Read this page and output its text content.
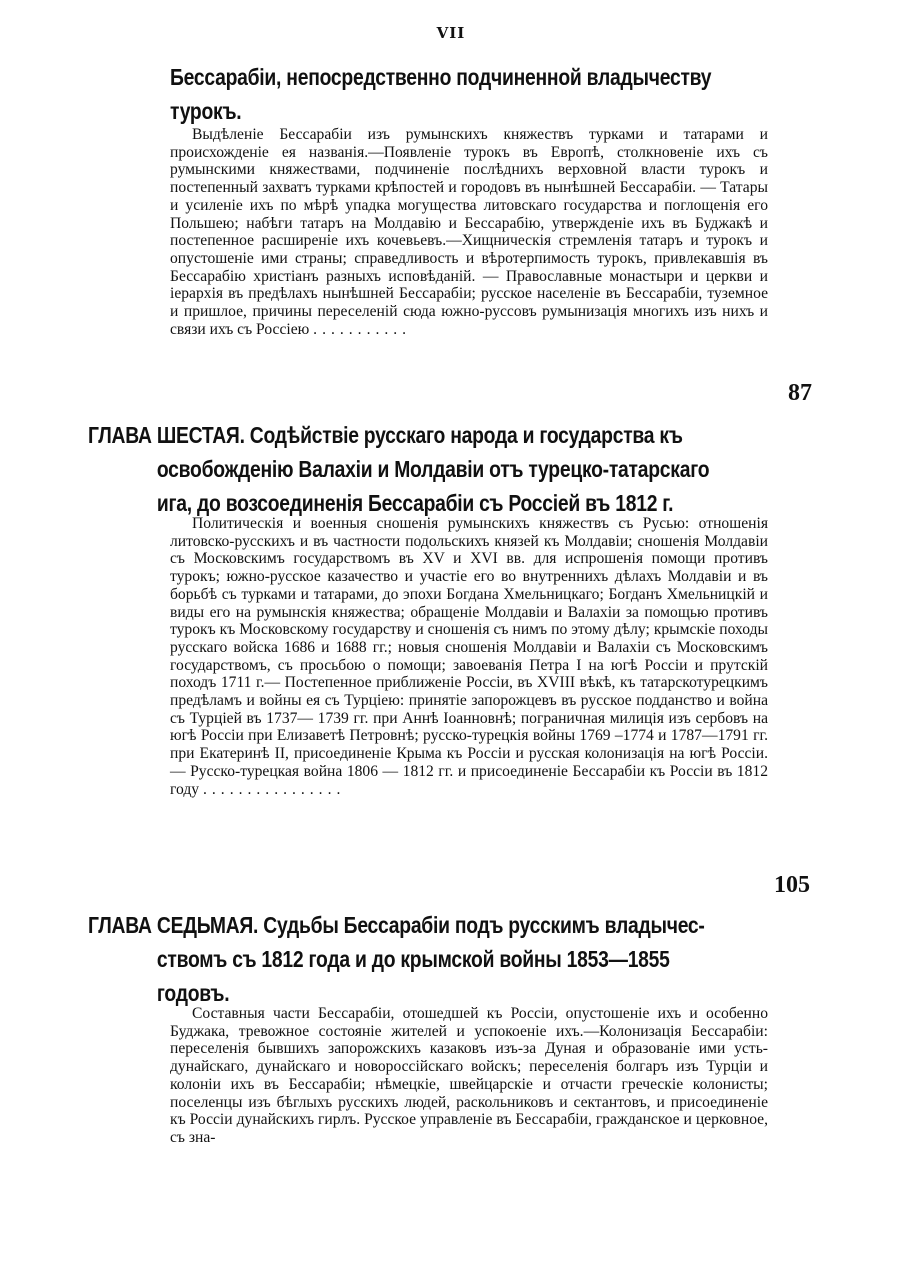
VII
Бессарабіи, непосредственно подчиненной владычеству
турокъ.
Выдѣленіе Бессарабіи изъ румынскихъ княжествъ турками и татарами и происхожденіе ея названія.—Появленіе турокъ въ Европѣ, столкновеніе ихъ съ румынскими княжествами, подчиненіе послѣднихъ верховной власти турокъ и постепенный захватъ турками крѣпостей и городовъ въ нынѣшней Бессарабіи. — Татары и усиленіе ихъ по мѣрѣ упадка могущества литовскаго государства и поглощенія его Польшею; набѣги татаръ на Молдавію и Бессарабію, утвержденіе ихъ въ Буджакѣ и постепенное расширеніе ихъ кочевьевъ.—Хищническія стремленія татаръ и турокъ и опустошеніе ими страны; справедливость и вѣротерпимость турокъ, привлекавшія въ Бессарабію христіанъ разныхъ исповѣданій. — Православные монастыри и церкви и іерархія въ предѣлахъ нынѣшней Бессарабіи; русское населеніе въ Бессарабіи, туземное и пришлое, причины переселеній сюда южно-руссовъ румынизація многихъ изъ нихъ и связи ихъ съ Россіею ...........
87
ГЛАВА ШЕСТАЯ. Содѣйствіе русскаго народа и государства къ
освобожденію Валахіи и Молдавіи отъ турецко-татарскаго
ига, до возсоединенія Бессарабіи съ Россіей въ 1812 г.
Политическія и военныя сношенія румынскихъ княжествъ съ Русью: отношенія литовско-русскихъ и въ частности подольскихъ князей къ Молдавіи; сношенія Молдавіи съ Московскимъ государствомъ въ XV и XVI вв. для испрошенія помощи противъ турокъ; южно-русское казачество и участіе его во внутреннихъ дѣлахъ Молдавіи и въ борьбѣ съ турками и татарами, до эпохи Богдана Хмельницкаго; Богданъ Хмельницкій и виды его на румынскія княжества; обращеніе Молдавіи и Валахіи за помощью противъ турокъ къ Московскому государству и сношенія съ нимъ по этому дѣлу; крымскіе походы русскаго войска 1686 и 1688 гг.; новыя сношенія Молдавіи и Валахіи съ Московскимъ государствомъ, съ просьбою о помощи; завоеванія Петра I на югѣ Россіи и прутскій походъ 1711 г.— Постепенное приближеніе Россіи, въ XVIII вѣкѣ, къ татарскотурецкимъ предѣламъ и войны ея съ Турціею: принятіе запорожцевъ въ русское подданство и война съ Турціей въ 1737— 1739 гг. при Аннѣ Іоанновнѣ; пограничная милиція изъ сербовъ на югѣ Россіи при Елизаветѣ Петровнѣ; русско-турецкія войны 1769 –1774 и 1787—1791 гг. при Екатеринѣ II, присоединеніе Крыма къ Россіи и русская колонизація на югѣ Россіи.— Русско-турецкая война 1806 — 1812 гг. и присоединеніе Бессарабіи къ Россіи въ 1812 году ................
105
ГЛАВА СЕДЬМАЯ. Судьбы Бессарабіи подъ русскимъ владычес-
ствомъ съ 1812 года и до крымской войны 1853—1855
годовъ.
Составныя части Бессарабіи, отошедшей къ Россіи, опустошеніе ихъ и особенно Буджака, тревожное состояніе жителей и успокоеніе ихъ.—Колонизація Бессарабіи: переселенія бывшихъ запорожскихъ казаковъ изъ-за Дуная и образованіе ими усть-дунайскаго, дунайскаго и новороссійскаго войскъ; переселенія болгаръ изъ Турціи и колоніи ихъ въ Бессарабіи; нѣмецкіе, швейцарскіе и отчасти греческіе колонисты; поселенцы изъ бѣглыхъ русскихъ людей, раскольниковъ и сектантовъ, и присоединеніе къ Россіи дунайскихъ гирлъ. Русское управленіе въ Бессарабіи, гражданское и церковное, съ зна-
